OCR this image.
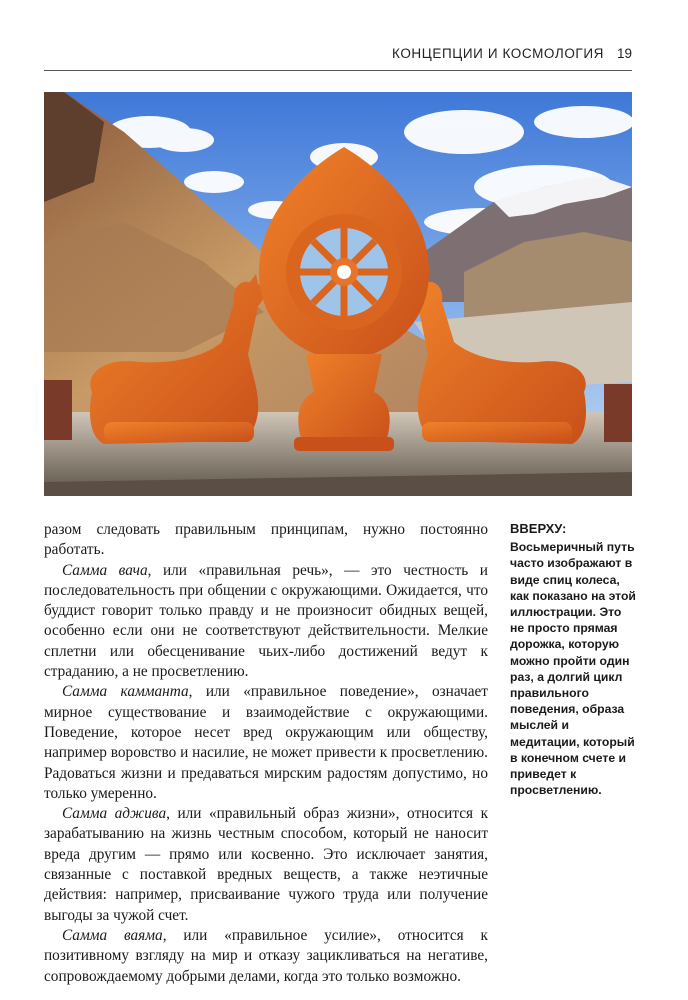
КОНЦЕПЦИИ И КОСМОЛОГИЯ 19

разом следовать правильным принципам, нужно постоянно работать.

Самма вача, или «правильная речь», — это честность и последовательность при общении с окружающими. Ожидается, что буддист говорит только правду и не произносит обидных вещей, особенно если они не соответствуют действительности. Мелкие сплетни или обесценивание чьих-либо достижений ведут к страданию, а не просветлению.

Самма камманта, или «правильное поведение», означает мирное существование и взаимодействие с окружающими. Поведение, которое несет вред окружающим или обществу, например воровство и насилие, не может привести к просветлению. Радоваться жизни и предаваться мирским радостям допустимо, но только умеренно.

Самма аджива, или «правильный образ жизни», относится к зарабатыванию на жизнь честным способом, который не наносит вреда другим — прямо или косвенно. Это исключает занятия, связанные с поставкой вредных веществ, а также неэтичные действия: например, присваивание чужого труда или получение выгоды за чужой счет.

Самма ваяма, или «правильное усилие», относится к позитивному взгляду на мир и отказу зацикливаться на негативе, сопровождаемому добрыми делами, когда это только возможно.

ВВЕРХУ:

Восьмеричный путь часто изображают в виде спиц колеса, как показано на этой иллюстрации. Это не просто прямая дорожка, которую можно пройти один раз, а долгий цикл правильного поведения, образа мыслей и медитации, который в конечном счете и приведет к просветлению.
